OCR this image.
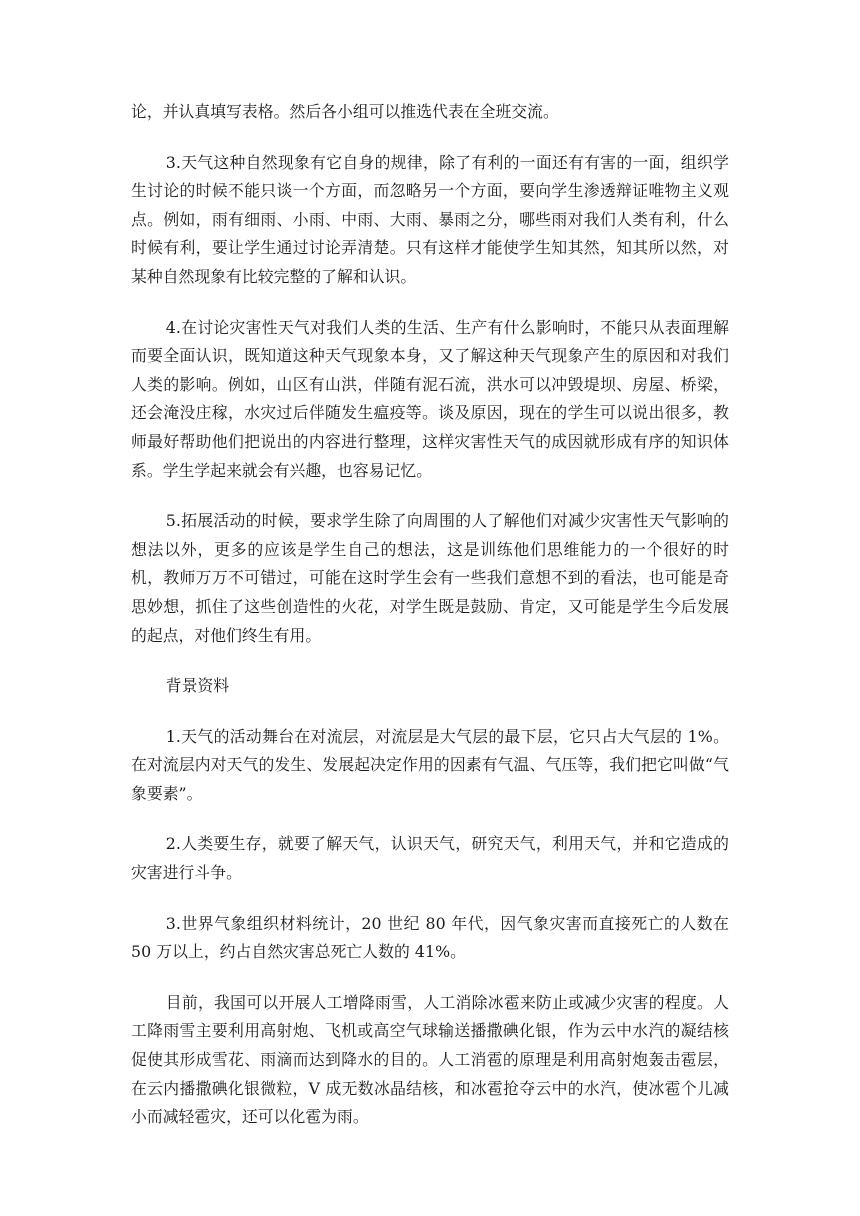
论，并认真填写表格。然后各小组可以推选代表在全班交流。

3.天气这种自然现象有它自身的规律，除了有利的一面还有有害的一面，组织学生讨论的时候不能只谈一个方面，而忽略另一个方面，要向学生渗透辩证唯物主义观点。例如，雨有细雨、小雨、中雨、大雨、暴雨之分，哪些雨对我们人类有利，什么时候有利，要让学生通过讨论弄清楚。只有这样才能使学生知其然，知其所以然，对某种自然现象有比较完整的了解和认识。

4.在讨论灾害性天气对我们人类的生活、生产有什么影响时，不能只从表面理解而要全面认识，既知道这种天气现象本身，又了解这种天气现象产生的原因和对我们人类的影响。例如，山区有山洪，伴随有泥石流，洪水可以冲毁堤坝、房屋、桥梁，还会淹没庄稼，水灾过后伴随发生瘟疫等。谈及原因，现在的学生可以说出很多，教师最好帮助他们把说出的内容进行整理，这样灾害性天气的成因就形成有序的知识体系。学生学起来就会有兴趣，也容易记忆。

5.拓展活动的时候，要求学生除了向周围的人了解他们对减少灾害性天气影响的想法以外，更多的应该是学生自己的想法，这是训练他们思维能力的一个很好的时机，教师万万不可错过，可能在这时学生会有一些我们意想不到的看法，也可能是奇思妙想，抓住了这些创造性的火花，对学生既是鼓励、肯定，又可能是学生今后发展的起点，对他们终生有用。

背景资料

1.天气的活动舞台在对流层，对流层是大气层的最下层，它只占大气层的 1%。在对流层内对天气的发生、发展起决定作用的因素有气温、气压等，我们把它叫做“气象要素”。

2.人类要生存，就要了解天气，认识天气，研究天气，利用天气，并和它造成的灾害进行斗争。

3.世界气象组织材料统计，20 世纪 80 年代，因气象灾害而直接死亡的人数在 50 万以上，约占自然灾害总死亡人数的 41%。

目前，我国可以开展人工增降雨雪，人工消除冰雹来防止或减少灾害的程度。人工降雨雪主要利用高射炮、飞机或高空气球输送播撒碘化银，作为云中水汽的凝结核促使其形成雪花、雨滴而达到降水的目的。人工消雹的原理是利用高射炮轰击雹层，在云内播撒碘化银微粒，V 成无数冰晶结核，和冰雹抢夺云中的水汽，使冰雹个儿减小而减轻雹灾，还可以化雹为雨。
